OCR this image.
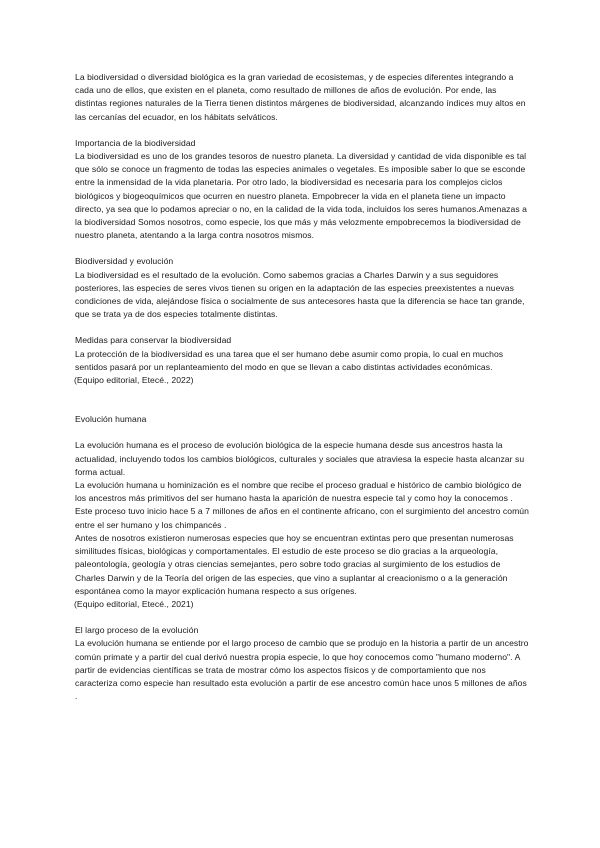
La biodiversidad o diversidad biológica es la gran variedad de ecosistemas, y de especies diferentes integrando a cada uno de ellos, que existen en el planeta, como resultado de millones de años de evolución. Por ende, las distintas regiones naturales de la Tierra tienen distintos márgenes de biodiversidad, alcanzando índices muy altos en las cercanías del ecuador, en los hábitats selváticos.

Importancia de la biodiversidad

La biodiversidad es uno de los grandes tesoros de nuestro planeta. La diversidad y cantidad de vida disponible es tal que sólo se conoce un fragmento de todas las especies animales o vegetales. Es imposible saber lo que se esconde entre la inmensidad de la vida planetaria. Por otro lado, la biodiversidad es necesaria para los complejos ciclos biológicos y biogeoquímicos que ocurren en nuestro planeta. Empobrecer la vida en el planeta tiene un impacto directo, ya sea que lo podamos apreciar o no, en la calidad de la vida toda, incluidos los seres humanos.Amenazas a la biodiversidad Somos nosotros, como especie, los que más y más velozmente empobrecemos la biodiversidad de nuestro planeta, atentando a la larga contra nosotros mismos.

Biodiversidad y evolución

La biodiversidad es el resultado de la evolución. Como sabemos gracias a Charles Darwin y a sus seguidores posteriores, las especies de seres vivos tienen su origen en la adaptación de las especies preexistentes a nuevas condiciones de vida, alejándose física o socialmente de sus antecesores hasta que la diferencia se hace tan grande, que se trata ya de dos especies totalmente distintas.

Medidas para conservar la biodiversidad

La protección de la biodiversidad es una tarea que el ser humano debe asumir como propia, lo cual en muchos sentidos pasará por un replanteamiento del modo en que se llevan a cabo distintas actividades económicas.

(Equipo editorial, Etecé., 2022)

Evolución humana

La evolución humana es el proceso de evolución biológica de la especie humana desde sus ancestros hasta la actualidad, incluyendo todos los cambios biológicos, culturales y sociales que atraviesa la especie hasta alcanzar su forma actual.

La evolución humana u hominización es el nombre que recibe el proceso gradual e histórico de cambio biológico de los ancestros más primitivos del ser humano hasta la aparición de nuestra especie tal y como hoy la conocemos . Este proceso tuvo inicio hace 5 a 7 millones de años en el continente africano, con el surgimiento del ancestro común entre el ser humano y los chimpancés .

Antes de nosotros existieron numerosas especies que hoy se encuentran extintas pero que presentan numerosas similitudes físicas, biológicas y comportamentales. El estudio de este proceso se dio gracias a la arqueología, paleontología, geología y otras ciencias semejantes, pero sobre todo gracias al surgimiento de los estudios de Charles Darwin y de la Teoría del origen de las especies, que vino a suplantar al creacionismo o a la generación espontánea como la mayor explicación humana respecto a sus orígenes.

(Equipo editorial, Etecé., 2021)

El largo proceso de la evolución

La evolución humana se entiende por el largo proceso de cambio que se produjo en la historia a partir de un ancestro común primate y a partir del cual derivó nuestra propia especie, lo que hoy conocemos como "humano moderno". A partir de evidencias científicas se trata de mostrar cómo los aspectos físicos y de comportamiento que nos caracteriza como especie han resultado esta evolución a partir de ese ancestro común hace unos 5 millones de años .
